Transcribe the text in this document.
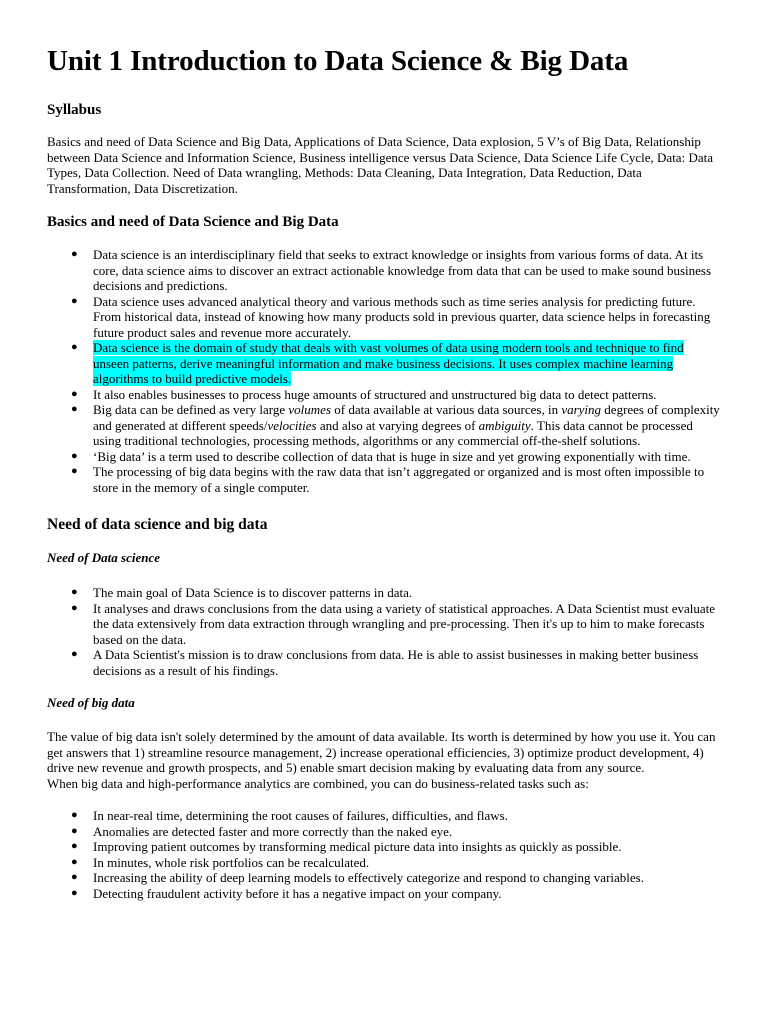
Unit 1 Introduction to Data Science & Big Data
Syllabus

Basics and need of Data Science and Big Data, Applications of Data Science, Data explosion, 5 V’s of Big Data, Relationship between Data Science and Information Science, Business intelligence versus Data Science, Data Science Life Cycle, Data: Data Types, Data Collection. Need of Data wrangling, Methods: Data Cleaning, Data Integration, Data Reduction, Data Transformation, Data Discretization.

Basics and need of Data Science and Big Data
● Data science is an interdisciplinary field that seeks to extract knowledge or insights from various forms of data. At its core, data science aims to discover an extract actionable knowledge from data that can be used to make sound business decisions and predictions.
● Data science uses advanced analytical theory and various methods such as time series analysis for predicting future. From historical data, instead of knowing how many products sold in previous quarter, data science helps in forecasting future product sales and revenue more accurately.
● Data science is the domain of study that deals with vast volumes of data using modern tools and technique to find unseen patterns, derive meaningful information and make business decisions. It uses complex machine learning algorithms to build predictive models.
● It also enables businesses to process huge amounts of structured and unstructured big data to detect patterns.
● Big data can be defined as very large volumes of data available at various data sources, in varying degrees of complexity and generated at different speeds/velocities and also at varying degrees of ambiguity. This data cannot be processed using traditional technologies, processing methods, algorithms or any commercial off-the-shelf solutions.
● ‘Big data’ is a term used to describe collection of data that is huge in size and yet growing exponentially with time.
● The processing of big data begins with the raw data that isn’t aggregated or organized and is most often impossible to store in the memory of a single computer.
Need of data science and big data
Need of Data science
● The main goal of Data Science is to discover patterns in data.
● It analyses and draws conclusions from the data using a variety of statistical approaches. A Data Scientist must evaluate the data extensively from data extraction through wrangling and pre-processing. Then it's up to him to make forecasts based on the data.
● A Data Scientist's mission is to draw conclusions from data. He is able to assist businesses in making better business decisions as a result of his findings.
Need of big data

The value of big data isn't solely determined by the amount of data available. Its worth is determined by how you use it. You can get answers that 1) streamline resource management, 2) increase operational efficiencies, 3) optimize product development, 4) drive new revenue and growth prospects, and 5) enable smart decision making by evaluating data from any source.

When big data and high-performance analytics are combined, you can do business-related tasks such as:

● In near-real time, determining the root causes of failures, difficulties, and flaws.
● Anomalies are detected faster and more correctly than the naked eye.
● Improving patient outcomes by transforming medical picture data into insights as quickly as possible.
● In minutes, whole risk portfolios can be recalculated.
● Increasing the ability of deep learning models to effectively categorize and respond to changing variables.
● Detecting fraudulent activity before it has a negative impact on your company.
